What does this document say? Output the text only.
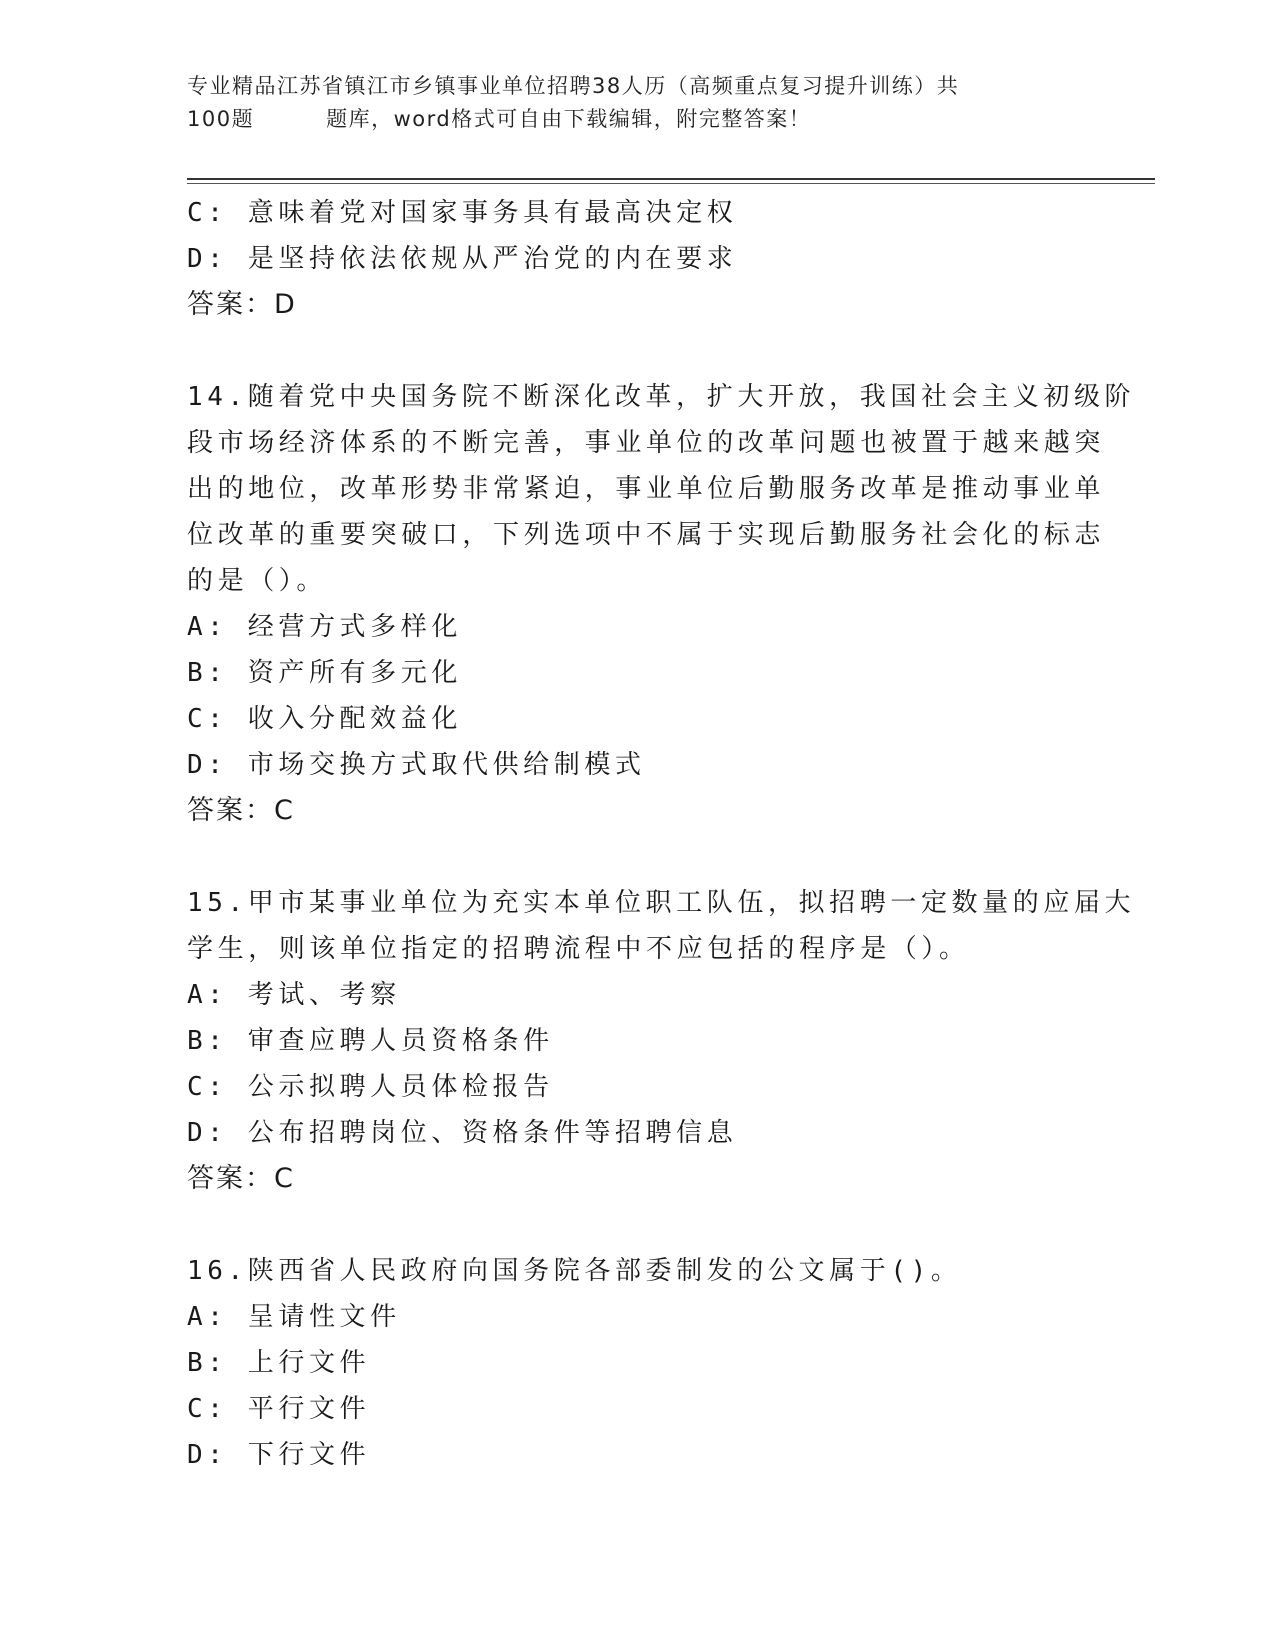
专业精品江苏省镇江市乡镇事业单位招聘38人历（高频重点复习提升训练）共
100题	题库，word格式可自由下载编辑，附完整答案！
C: 意味着党对国家事务具有最高决定权
D: 是坚持依法依规从严治党的内在要求
答案：D
14.随着党中央国务院不断深化改革，扩大开放，我国社会主义初级阶
段市场经济体系的不断完善，事业单位的改革问题也被置于越来越突
出的地位，改革形势非常紧迫，事业单位后勤服务改革是推动事业单
位改革的重要突破口，下列选项中不属于实现后勤服务社会化的标志
的是（）。
A: 经营方式多样化
B: 资产所有多元化
C: 收入分配效益化
D: 市场交换方式取代供给制模式
答案：C
15.甲市某事业单位为充实本单位职工队伍，拟招聘一定数量的应届大
学生，则该单位指定的招聘流程中不应包括的程序是（）。
A: 考试、考察
B: 审查应聘人员资格条件
C: 公示拟聘人员体检报告
D: 公布招聘岗位、资格条件等招聘信息
答案：C
16.陕西省人民政府向国务院各部委制发的公文属于()。
A: 呈请性文件
B: 上行文件
C: 平行文件
D: 下行文件
